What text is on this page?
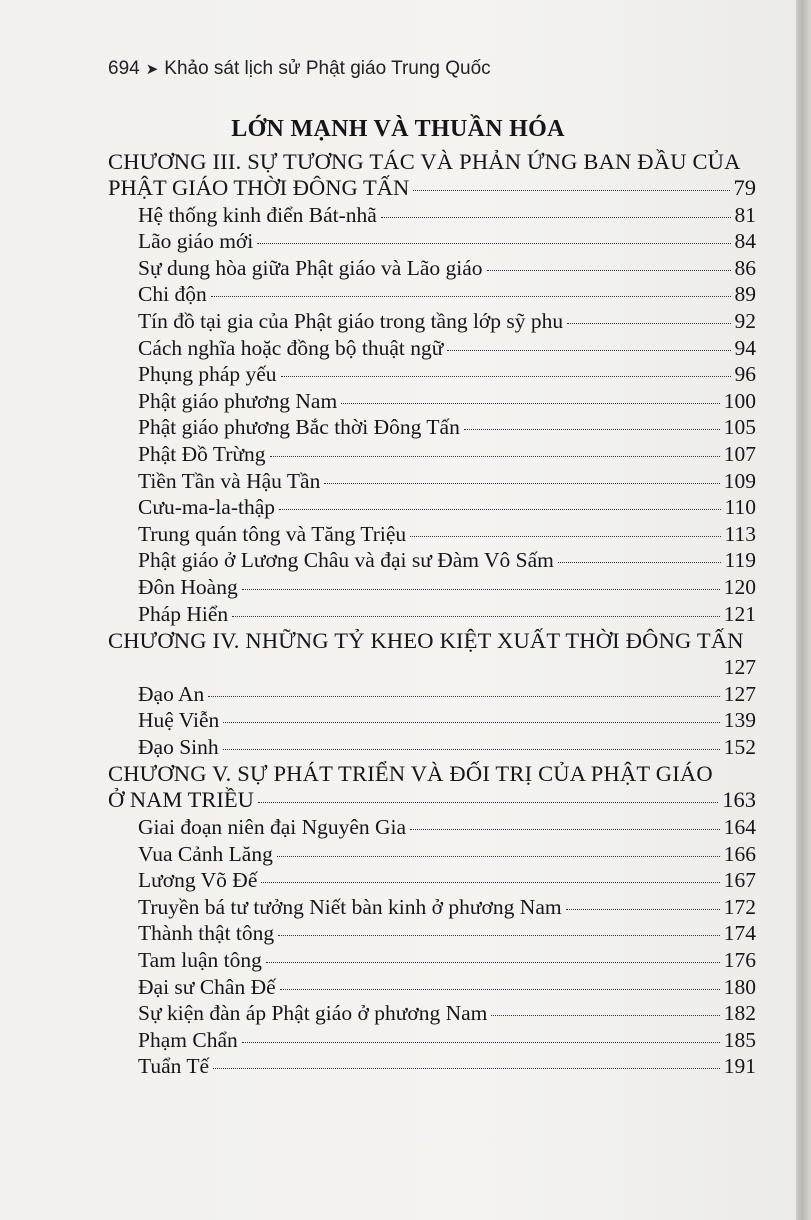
694 ➤ Khảo sát lịch sử Phật giáo Trung Quốc
LỚN MẠNH VÀ THUẦN HÓA
CHƯƠNG III. SỰ TƯƠNG TÁC VÀ PHẢN ỨNG BAN ĐẦU CỦA
PHẬT GIÁO THỜI ĐÔNG TẤN	79
Hệ thống kinh điển Bát-nhã	81
Lão giáo mới	84
Sự dung hòa giữa Phật giáo và Lão giáo	86
Chi độn	89
Tín đồ tại gia của Phật giáo trong tầng lớp sỹ phu	92
Cách nghĩa hoặc đồng bộ thuật ngữ	94
Phụng pháp yếu	96
Phật giáo phương Nam	100
Phật giáo phương Bắc thời Đông Tấn	105
Phật Đồ Trừng	107
Tiền Tần và Hậu Tần	109
Cưu-ma-la-thập	110
Trung quán tông và Tăng Triệu	113
Phật giáo ở Lương Châu và đại sư Đàm Vô Sấm	119
Đôn Hoàng	120
Pháp Hiển	121
CHƯƠNG IV. NHỮNG TỶ KHEO KIỆT XUẤT THỜI ĐÔNG TẤN
127
Đạo An	127
Huệ Viễn	139
Đạo Sinh	152
CHƯƠNG V. SỰ PHÁT TRIỂN VÀ ĐỐI TRỊ CỦA PHẬT GIÁO
Ở NAM TRIỀU	163
Giai đoạn niên đại Nguyên Gia	164
Vua Cảnh Lăng	166
Lương Võ Đế	167
Truyền bá tư tưởng Niết bàn kinh ở phương Nam	172
Thành thật tông	174
Tam luận tông	176
Đại sư Chân Đế	180
Sự kiện đàn áp Phật giáo ở phương Nam	182
Phạm Chẩn	185
Tuẩn Tế	191
